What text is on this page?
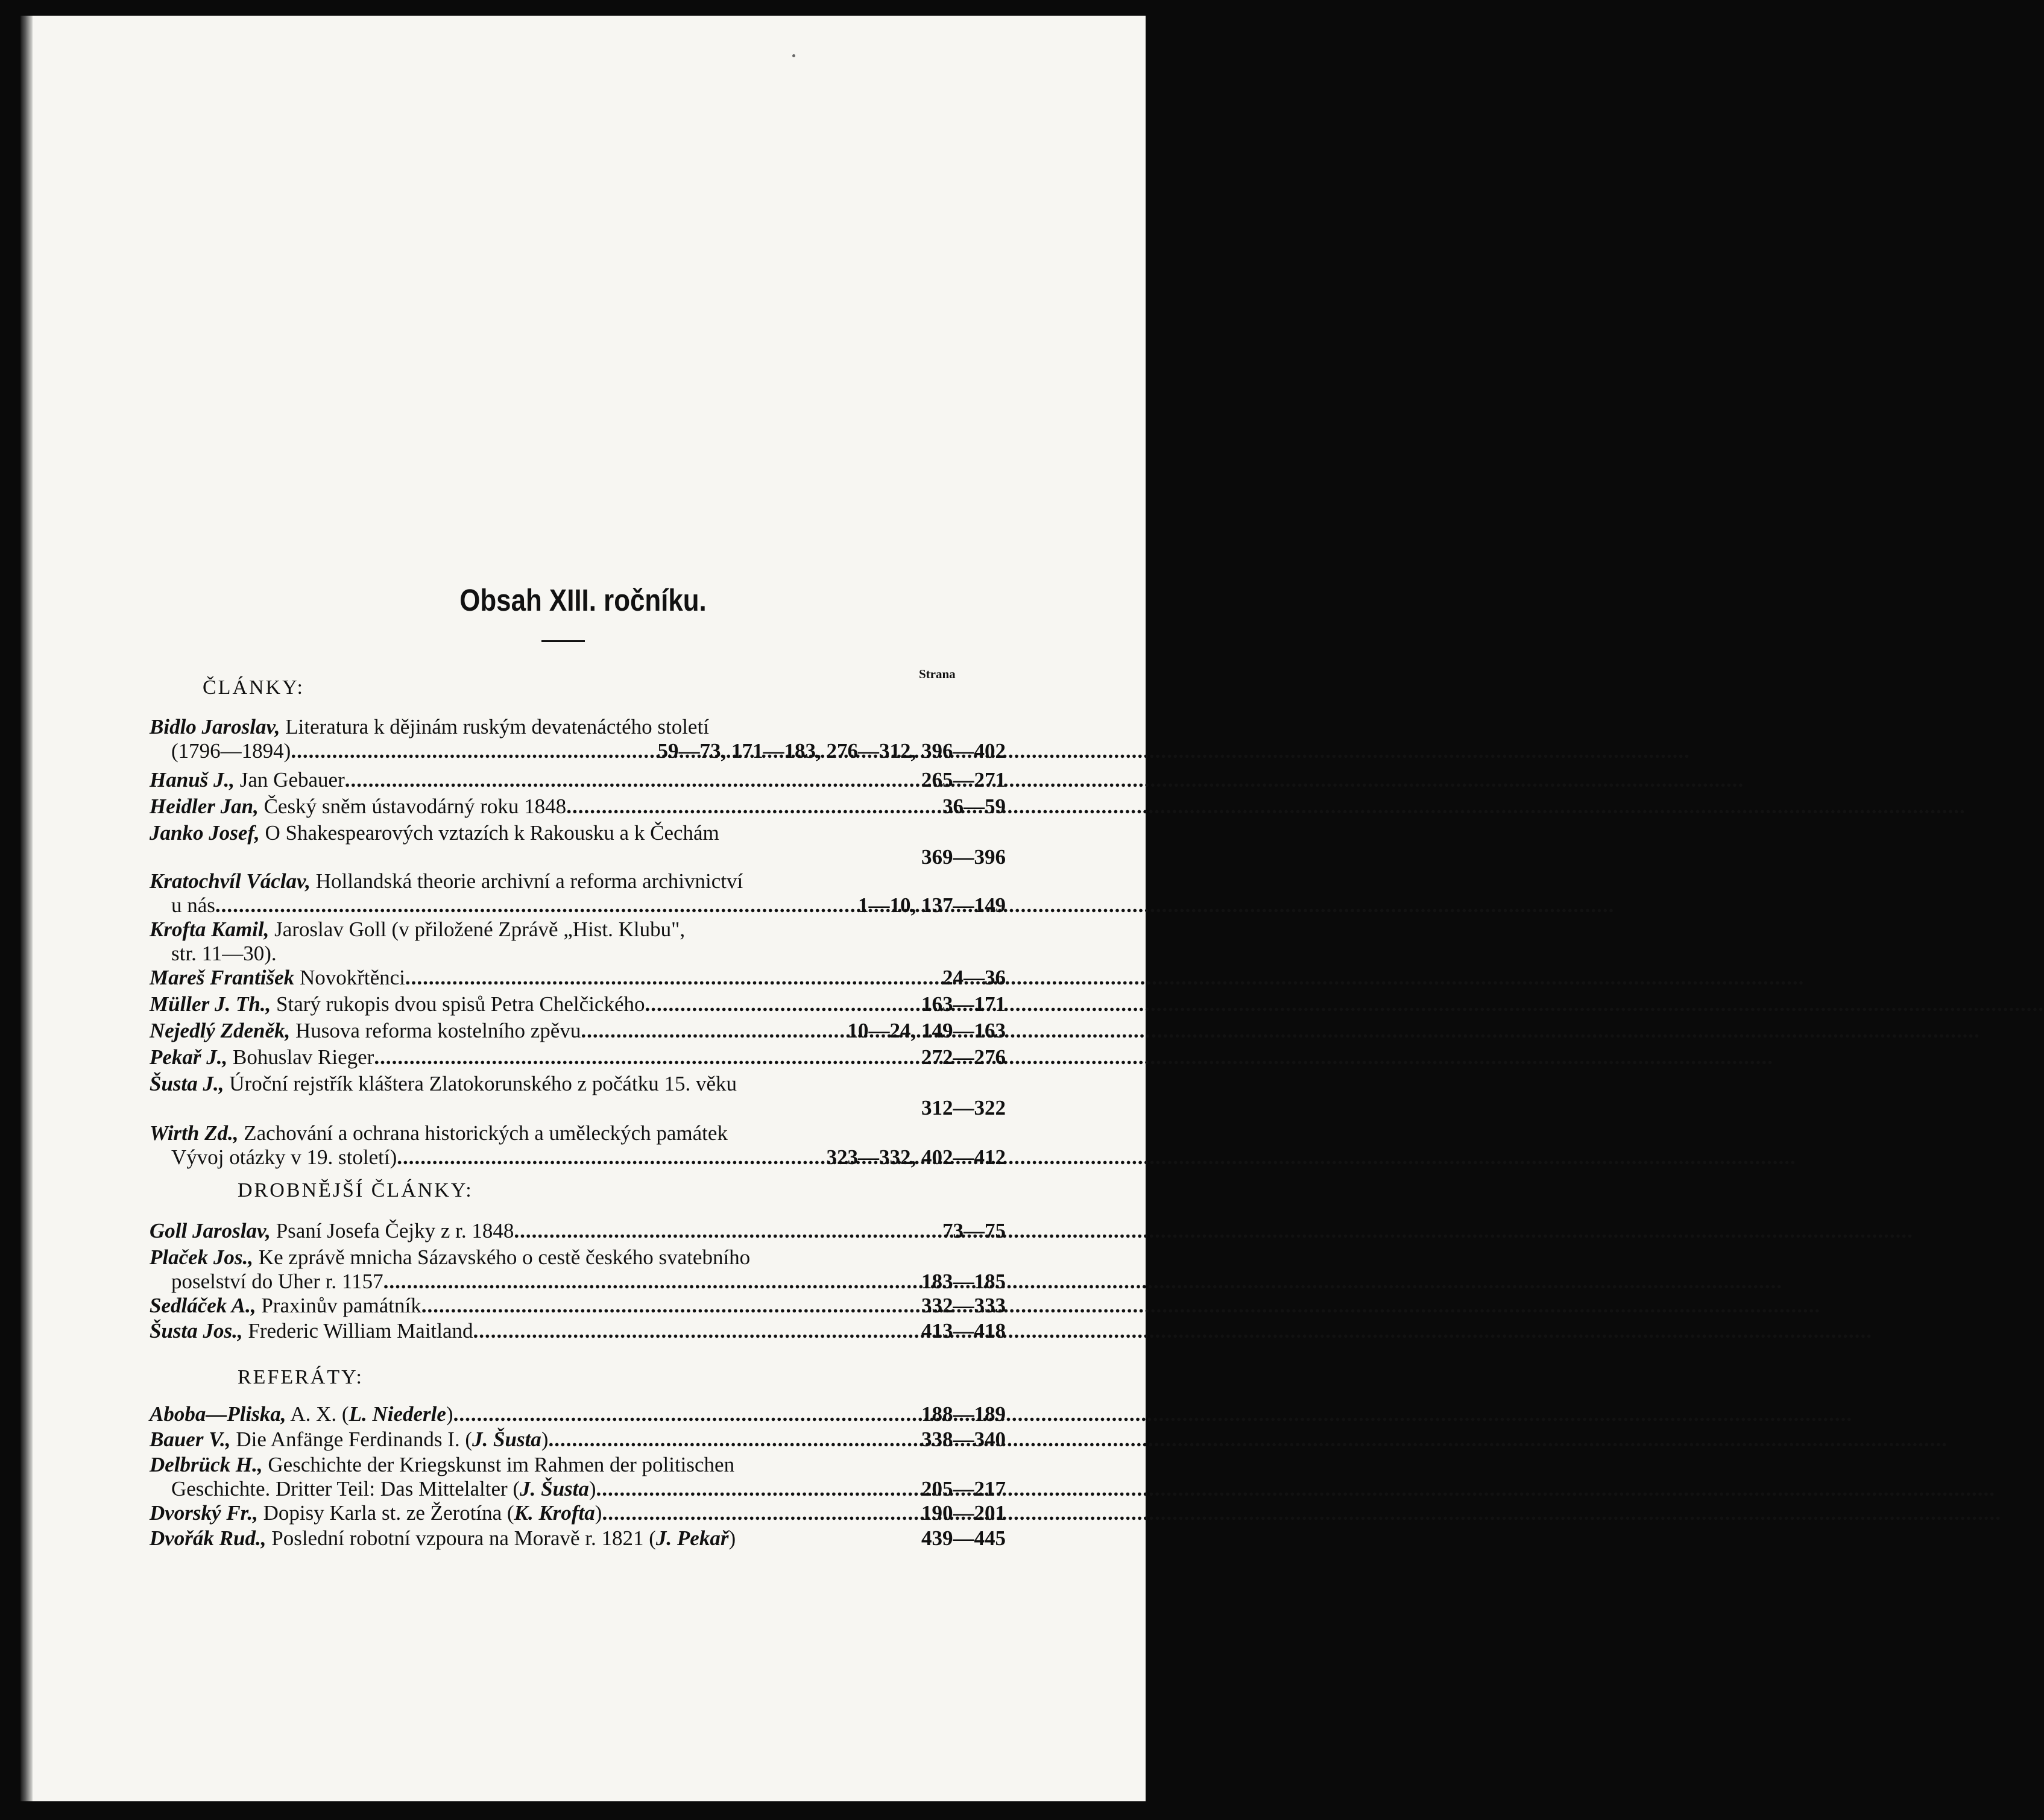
Obsah XIII. ročníku.
Strana
ČLÁNKY:
Bidlo Jaroslav, Literatura k dějinám ruským devatenáctého století
(1796—1894) .....	59—73, 171—183, 276—312, 396—402
Hanuš J., Jan Gebauer .....	265—271
Heidler Jan, Český sněm ústavodárný roku 1848 .....	36—59
Janko Josef, O Shakespearových vztazích k Rakousku a k Čechám
369—396
Kratochvíl Václav, Hollandská theorie archivní a reforma archivnictví
u nás .....	1—10, 137—149
Krofta Kamil, Jaroslav Goll (v přiložené Zprávě „Hist. Klubu",
str. 11—30).
Mareš František Novokřtěnci .....	24—36
Müller J. Th., Starý rukopis dvou spisů Petra Chelčického .....	163—171
Nejedlý Zdeněk, Husova reforma kostelního zpěvu .....	10—24, 149—163
Pekař J., Bohuslav Rieger .....	272—276
Šusta J., Úroční rejstřík kláštera Zlatokorunského z počátku 15. věku
312—322
Wirth Zd., Zachování a ochrana historických a uměleckých památek
Vývoj otázky v 19. století) .....	323—332, 402—412
DROBNĚJŠÍ ČLÁNKY:
Goll Jaroslav, Psaní Josefa Čejky z r. 1848 .....	73—75
Plaček Jos., Ke zprávě mnicha Sázavského o cestě českého svatebního
poselství do Uher r. 1157 .....	183—185
Sedláček A., Praxinův památník .....	332—333
Šusta Jos., Frederic William Maitland .....	413—418
REFERÁTY:
Aboba—Pliska, A. X. (L. Niederle) .....	188—189
Bauer V., Die Anfänge Ferdinands I. (J. Šusta) .....	338—340
Delbrück H., Geschichte der Kriegskunst im Rahmen der politischen
Geschichte. Dritter Teil: Das Mittelalter (J. Šusta) .....	205—217
Dvorský Fr., Dopisy Karla st. ze Žerotína (K. Krofta) .....	190—201
Dvořák Rud., Poslední robotní vzpoura na Moravě r. 1821 (J. Pekař)	439—445
